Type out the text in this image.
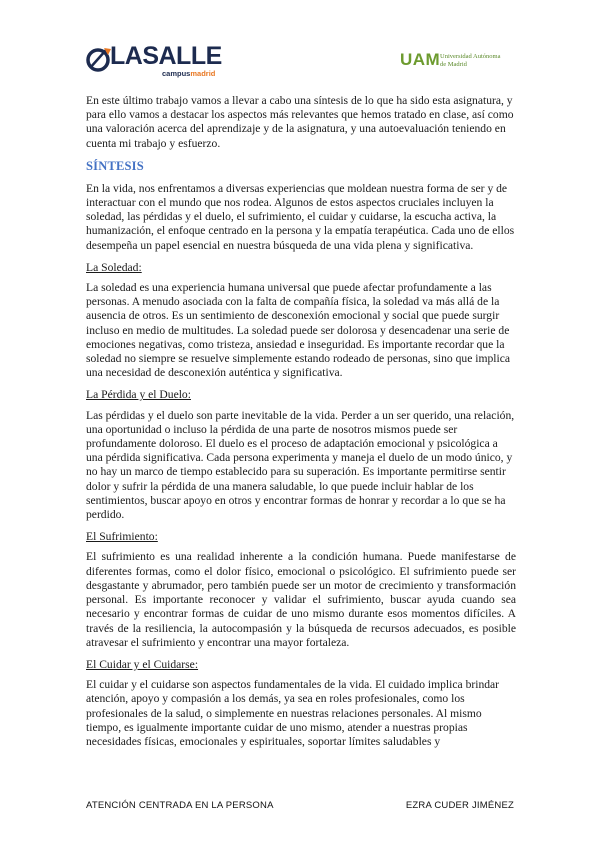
LASALLE
campusmadrid
UAM Universidad Autónoma
de Madrid

En este último trabajo vamos a llevar a cabo una síntesis de lo que ha sido esta asignatura, y para ello vamos a destacar los aspectos más relevantes que hemos tratado en clase, así como una valoración acerca del aprendizaje y de la asignatura, y una autoevaluación teniendo en cuenta mi trabajo y esfuerzo.

SÍNTESIS

En la vida, nos enfrentamos a diversas experiencias que moldean nuestra forma de ser y de interactuar con el mundo que nos rodea. Algunos de estos aspectos cruciales incluyen la soledad, las pérdidas y el duelo, el sufrimiento, el cuidar y cuidarse, la escucha activa, la humanización, el enfoque centrado en la persona y la empatía terapéutica. Cada uno de ellos desempeña un papel esencial en nuestra búsqueda de una vida plena y significativa.

La Soledad:

La soledad es una experiencia humana universal que puede afectar profundamente a las personas. A menudo asociada con la falta de compañía física, la soledad va más allá de la ausencia de otros. Es un sentimiento de desconexión emocional y social que puede surgir incluso en medio de multitudes. La soledad puede ser dolorosa y desencadenar una serie de emociones negativas, como tristeza, ansiedad e inseguridad. Es importante recordar que la soledad no siempre se resuelve simplemente estando rodeado de personas, sino que implica una necesidad de desconexión auténtica y significativa.

La Pérdida y el Duelo:

Las pérdidas y el duelo son parte inevitable de la vida. Perder a un ser querido, una relación, una oportunidad o incluso la pérdida de una parte de nosotros mismos puede ser profundamente doloroso. El duelo es el proceso de adaptación emocional y psicológica a una pérdida significativa. Cada persona experimenta y maneja el duelo de un modo único, y no hay un marco de tiempo establecido para su superación. Es importante permitirse sentir dolor y sufrir la pérdida de una manera saludable, lo que puede incluir hablar de los sentimientos, buscar apoyo en otros y encontrar formas de honrar y recordar a lo que se ha perdido.

El Sufrimiento:

El sufrimiento es una realidad inherente a la condición humana. Puede manifestarse de diferentes formas, como el dolor físico, emocional o psicológico. El sufrimiento puede ser desgastante y abrumador, pero también puede ser un motor de crecimiento y transformación personal. Es importante reconocer y validar el sufrimiento, buscar ayuda cuando sea necesario y encontrar formas de cuidar de uno mismo durante esos momentos difíciles. A través de la resiliencia, la autocompasión y la búsqueda de recursos adecuados, es posible atravesar el sufrimiento y encontrar una mayor fortaleza.

El Cuidar y el Cuidarse:

El cuidar y el cuidarse son aspectos fundamentales de la vida. El cuidado implica brindar atención, apoyo y compasión a los demás, ya sea en roles profesionales, como los profesionales de la salud, o simplemente en nuestras relaciones personales. Al mismo tiempo, es igualmente importante cuidar de uno mismo, atender a nuestras propias necesidades físicas, emocionales y espirituales, soportar límites saludables y

ATENCIÓN CENTRADA EN LA PERSONA	EZRA CUDER JIMÉNEZ
